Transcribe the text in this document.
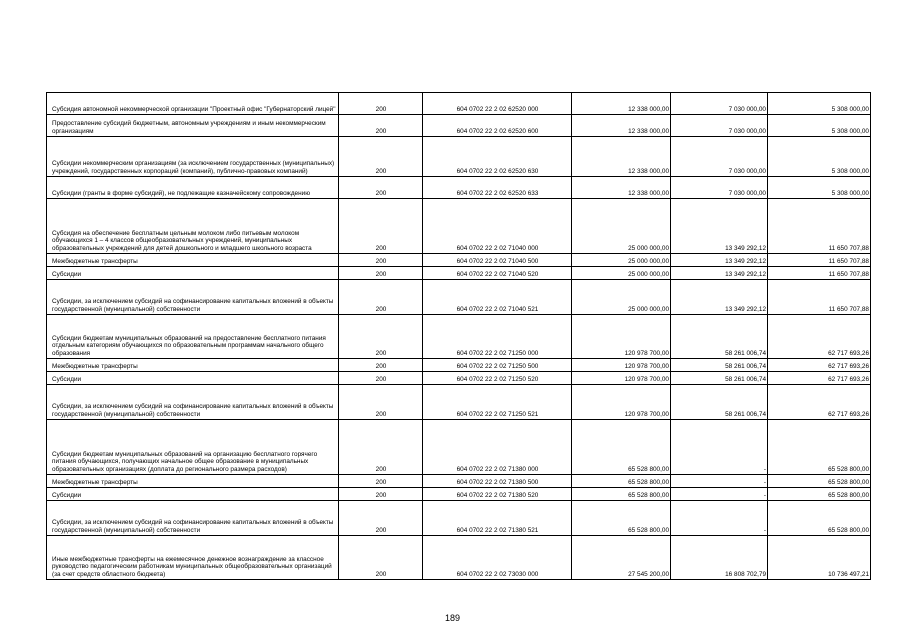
Субсидия автономной некоммерческой организации "Проектный офис "Губернаторский лицей"	200	604 0702 22 2 02 62520 000	12 338 000,00	7 030 000,00	5 308 000,00
Предоставление субсидий бюджетным, автономным учреждениям и иным некоммерческим организациям	200	604 0702 22 2 02 62520 600	12 338 000,00	7 030 000,00	5 308 000,00
Субсидии некоммерческим организациям (за исключением государственных (муниципальных) учреждений, государственных корпораций (компаний), публично-правовых компаний)	200	604 0702 22 2 02 62520 630	12 338 000,00	7 030 000,00	5 308 000,00
Субсидии (гранты в форме субсидий), не подлежащие казначейскому сопровождению	200	604 0702 22 2 02 62520 633	12 338 000,00	7 030 000,00	5 308 000,00
Субсидия на обеспечение бесплатным цельным молоком либо питьевым молоком обучающихся 1 – 4 классов общеобразовательных учреждений, муниципальных образовательных учреждений для детей дошкольного и младшего школьного возраста	200	604 0702 22 2 02 71040 000	25 000 000,00	13 349 292,12	11 650 707,88
Межбюджетные трансферты	200	604 0702 22 2 02 71040 500	25 000 000,00	13 349 292,12	11 650 707,88
Субсидии	200	604 0702 22 2 02 71040 520	25 000 000,00	13 349 292,12	11 650 707,88
Субсидии, за исключением субсидий на софинансирование капитальных вложений в объекты государственной (муниципальной) собственности	200	604 0702 22 2 02 71040 521	25 000 000,00	13 349 292,12	11 650 707,88
Субсидии бюджетам муниципальных образований на предоставление бесплатного питания отдельным категориям обучающихся по образовательным программам начального общего образования	200	604 0702 22 2 02 71250 000	120 978 700,00	58 261 006,74	62 717 693,26
Межбюджетные трансферты	200	604 0702 22 2 02 71250 500	120 978 700,00	58 261 006,74	62 717 693,26
Субсидии	200	604 0702 22 2 02 71250 520	120 978 700,00	58 261 006,74	62 717 693,26
Субсидии, за исключением субсидий на софинансирование капитальных вложений в объекты государственной (муниципальной) собственности	200	604 0702 22 2 02 71250 521	120 978 700,00	58 261 006,74	62 717 693,26
Субсидии бюджетам муниципальных образований на организацию бесплатного горячего питания обучающихся, получающих начальное общее образование в муниципальных образовательных организациях (доплата до регионального размера расходов)	200	604 0702 22 2 02 71380 000	65 528 800,00	-	65 528 800,00
Межбюджетные трансферты	200	604 0702 22 2 02 71380 500	65 528 800,00	-	65 528 800,00
Субсидии	200	604 0702 22 2 02 71380 520	65 528 800,00	-	65 528 800,00
Субсидии, за исключением субсидий на софинансирование капитальных вложений в объекты государственной (муниципальной) собственности	200	604 0702 22 2 02 71380 521	65 528 800,00	-	65 528 800,00
Иные межбюджетные трансферты на ежемесячное денежное вознаграждение за классное руководство педагогическим работникам муниципальных общеобразовательных организаций (за счет средств областного бюджета)	200	604 0702 22 2 02 73030 000	27 545 200,00	16 808 702,79	10 736 497,21
189
